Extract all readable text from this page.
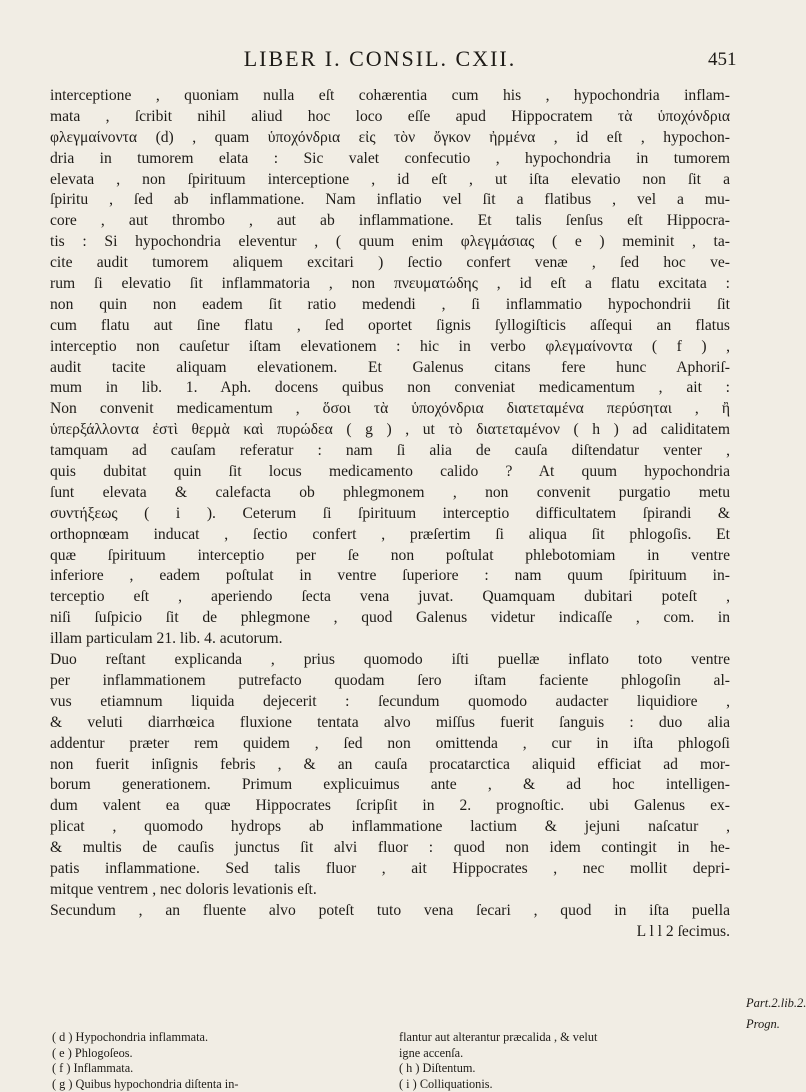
LIBER I. CONSIL. CXII.	451
interceptione , quoniam nulla eſt cohærentia cum his , hypochondria inflam-
mata , ſcribit nihil aliud hoc loco eſſe apud Hippocratem τὰ ὑποχόνδρια
φλεγμαίνοντα (d) , quam ὑποχόνδρια εἰς τὸν ὄγκον ἠρμένα , id eſt , hypochon-
dria in tumorem elata : Sic valet confecutio , hypochondria in tumorem
elevata , non ſpirituum interceptione , id eſt , ut iſta elevatio non ſit a
ſpiritu , ſed ab inflammatione. Nam inflatio vel ſit a flatibus , vel a mu-
core , aut thrombo , aut ab inflammatione. Et talis ſenſus eſt Hippocra-
tis : Si hypochondria eleventur , ( quum enim φλεγμάσιας ( e ) meminit , ta-
cite audit tumorem aliquem excitari ) ſectio confert venæ , ſed hoc ve-
rum ſi elevatio ſit inflammatoria , non πνευματώδης , id eſt a flatu excitata :
non quin non eadem ſit ratio medendi , ſi inflammatio hypochondrii ſit
cum flatu aut ſine flatu , ſed oportet ſignis ſyllogiſticis aſſequi an flatus
interceptio non cauſetur iſtam elevationem : hic in verbo φλεγμαίνοντα ( f ) ,
audit tacite aliquam elevationem. Et Galenus citans fere hunc Aphoriſ-
mum in lib. 1. Aph. docens quibus non conveniat medicamentum , ait :
Non convenit medicamentum , ὅσοι τὰ ὑποχόνδρια διατεταμένα περύσηται , ἢ
ὑπερξάλλοντα ἐστὶ θερμὰ καὶ πυρώδεα ( g ) , ut τὸ διατεταμένον ( h ) ad caliditatem
tamquam ad cauſam referatur : nam ſi alia de cauſa diſtendatur venter ,
quis dubitat quin ſit locus medicamento calido ? At quum hypochondria
ſunt elevata & calefacta ob phlegmonem , non convenit purgatio metu
συντήξεως ( i ). Ceterum ſi ſpirituum interceptio difficultatem ſpirandi &
orthopnœam inducat , ſectio confert , præſertim ſi aliqua ſit phlogoſis. Et
quæ ſpirituum interceptio per ſe non poſtulat phlebotomiam in ventre
inferiore , eadem poſtulat in ventre ſuperiore : nam quum ſpirituum in-
terceptio eſt , aperiendo ſecta vena juvat. Quamquam dubitari poteſt ,
niſi ſuſpicio ſit de phlegmone , quod Galenus videtur indicaſſe , com. in
illam particulam 21. lib. 4. acutorum.
Duo reſtant explicanda , prius quomodo iſti puellæ inflato toto ventre
per inflammationem putrefacto quodam ſero iſtam faciente phlogoſin al-
vus etiamnum liquida dejecerit : ſecundum quomodo audacter liquidiore ,
& veluti diarrhœica fluxione tentata alvo miſſus fuerit ſanguis : duo alia
addentur præter rem quidem , ſed non omittenda , cur in iſta phlogoſi
non fuerit inſignis febris , & an cauſa procatarctica aliquid efficiat ad mor-
borum generationem. Primum explicuimus ante , & ad hoc intelligen-
dum valent ea quæ Hippocrates ſcripſit in 2. prognoſtic. ubi Galenus ex-
plicat , quomodo hydrops ab inflammatione lactium & jejuni naſcatur ,
& multis de cauſis junctus ſit alvi fluor : quod non idem contingit in he-
patis inflammatione. Sed talis fluor , ait Hippocrates , nec mollit depri-
mitque ventrem , nec doloris levationis eſt.
Secundum , an fluente alvo poteſt tuto vena ſecari , quod in iſta puella
L l l 2 ſecimus.
Part.2.lib.2.
Progn.
( d ) Hypochondria inflammata.
( e ) Phlogoſeos.
( f ) Inflammata.
( g ) Quibus hypochondria diſtenta in-
flantur aut alterantur præcalida , & velut
igne accenſa.
( h ) Diſtentum.
( i ) Colliquationis.
